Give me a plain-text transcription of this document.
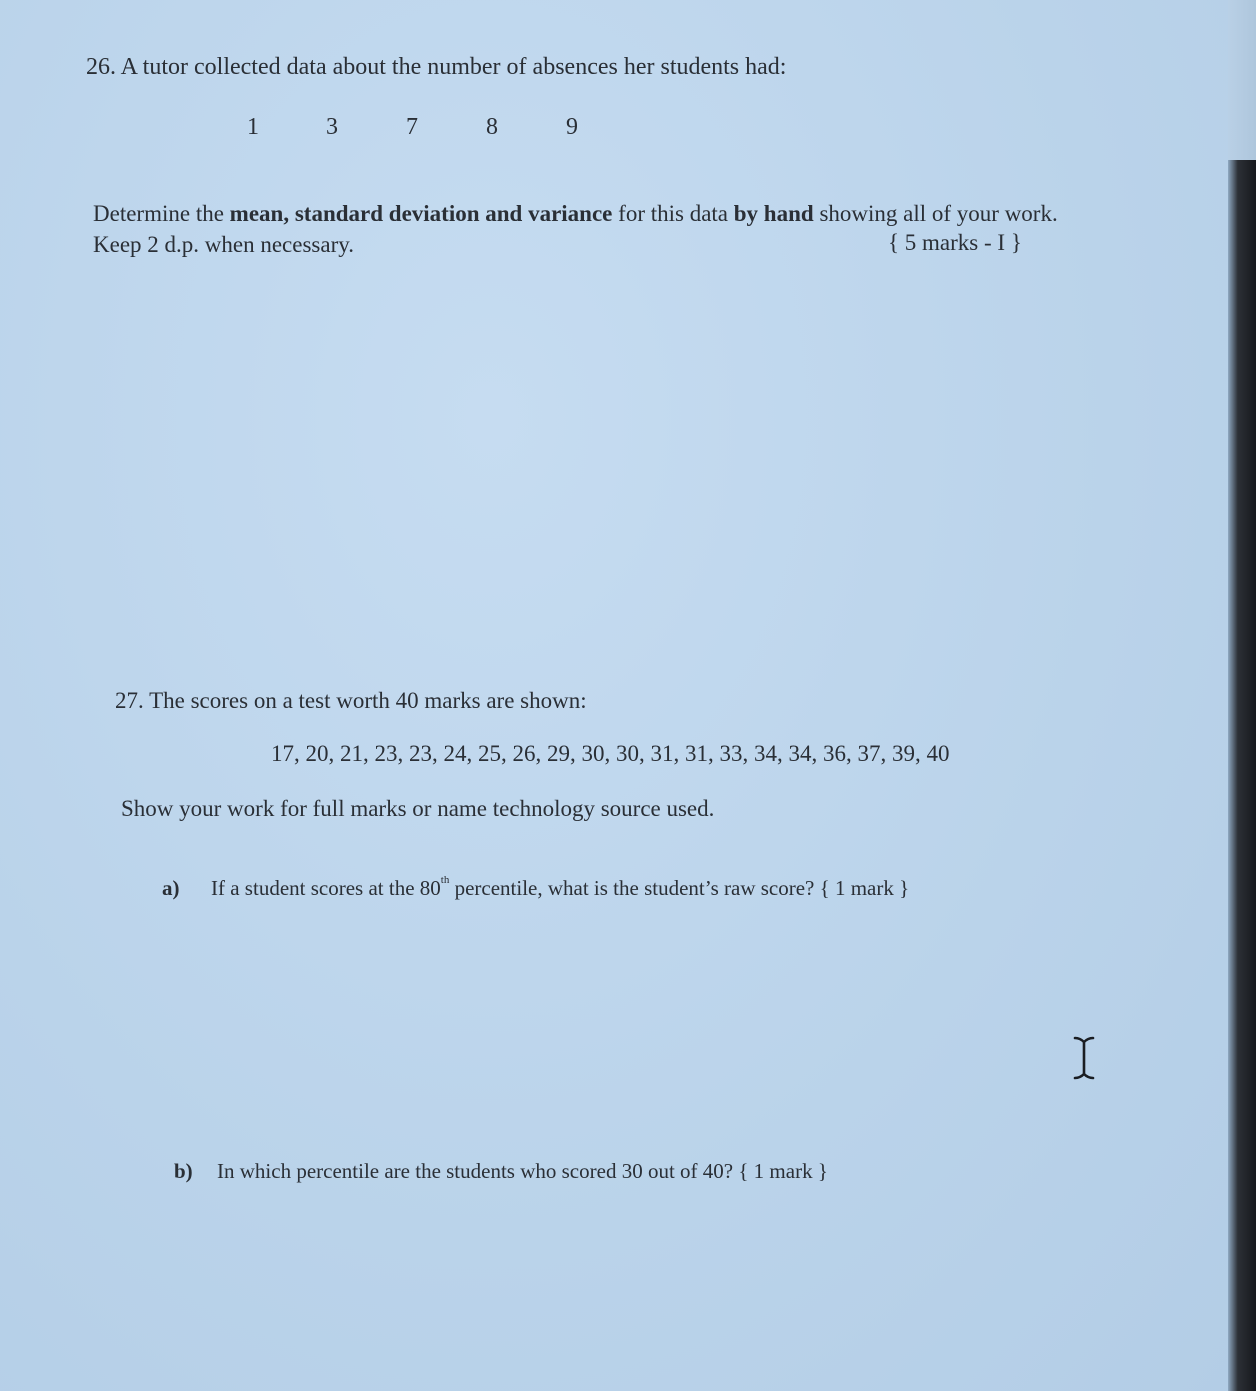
26. A tutor collected data about the number of absences her students had:
1	3	7	8	9
Determine the mean, standard deviation and variance for this data by hand showing all of your work.
Keep 2 d.p. when necessary.	{ 5 marks - I }
27. The scores on a test worth 40 marks are shown:
17, 20, 21, 23, 23, 24, 25, 26, 29, 30, 30, 31, 31, 33, 34, 34, 36, 37, 39, 40
Show your work for full marks or name technology source used.
a) If a student scores at the 80th percentile, what is the student’s raw score? { 1 mark }
b) In which percentile are the students who scored 30 out of 40? { 1 mark }
